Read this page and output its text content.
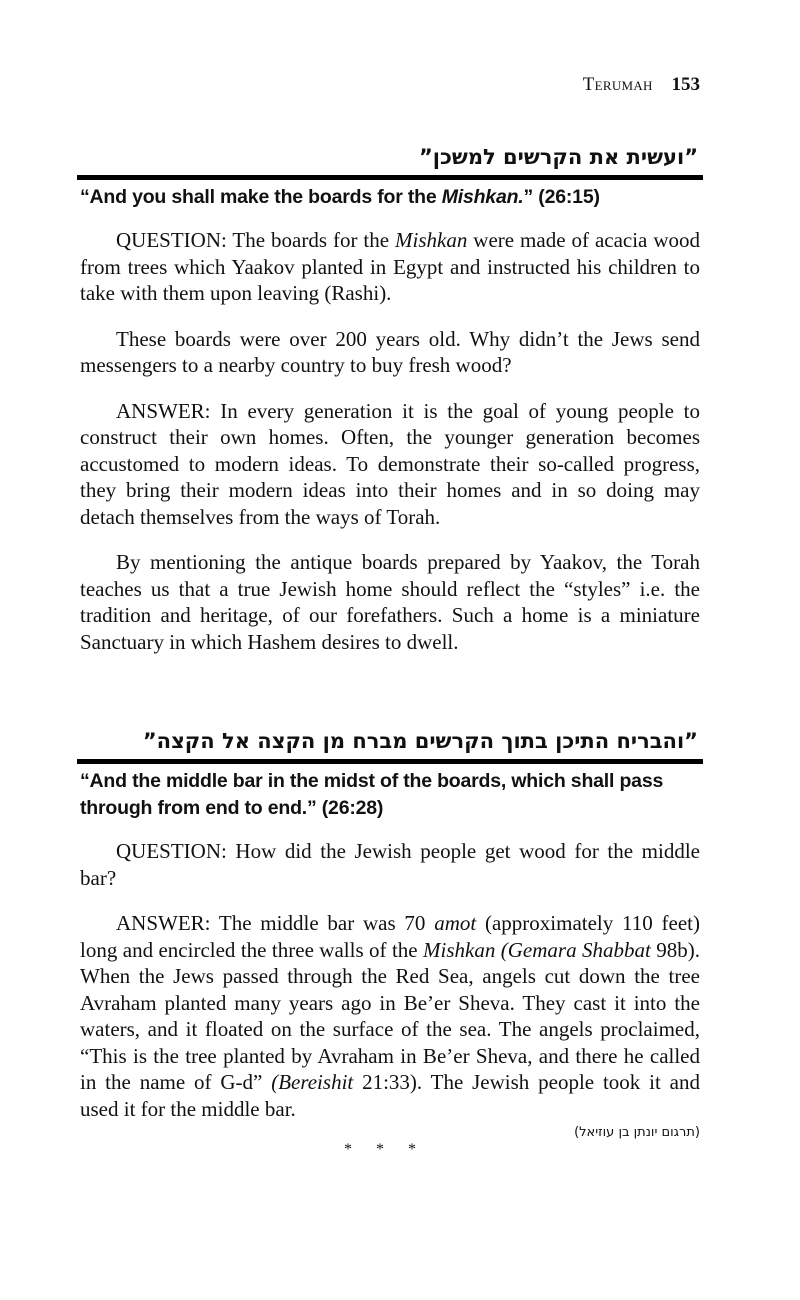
Terumah 153
”ועשית את הקרשים למשכן”
“And you shall make the boards for the Mishkan.” (26:15)

QUESTION: The boards for the Mishkan were made of acacia wood from trees which Yaakov planted in Egypt and instructed his children to take with them upon leaving (Rashi).

These boards were over 200 years old. Why didn’t the Jews send messengers to a nearby country to buy fresh wood?

ANSWER: In every generation it is the goal of young people to construct their own homes. Often, the younger generation becomes accustomed to modern ideas. To demonstrate their so-called progress, they bring their modern ideas into their homes and in so doing may detach themselves from the ways of Torah.

By mentioning the antique boards prepared by Yaakov, the Torah teaches us that a true Jewish home should reflect the “styles” i.e. the tradition and heritage, of our forefathers. Such a home is a miniature Sanctuary in which Hashem desires to dwell.

”והבריח התיכן בתוך הקרשים מברח מן הקצה אל הקצה”
“And the middle bar in the midst of the boards, which shall pass through from end to end.” (26:28)

QUESTION: How did the Jewish people get wood for the middle bar?

ANSWER: The middle bar was 70 amot (approximately 110 feet) long and encircled the three walls of the Mishkan (Gemara Shabbat 98b). When the Jews passed through the Red Sea, angels cut down the tree Avraham planted many years ago in Be’er Sheva. They cast it into the waters, and it floated on the surface of the sea. The angels proclaimed, “This is the tree planted by Avraham in Be’er Sheva, and there he called in the name of G-d” (Bereishit 21:33). The Jewish people took it and used it for the middle bar.

(תרגום יונתן בן עוזיאל)
* * *
